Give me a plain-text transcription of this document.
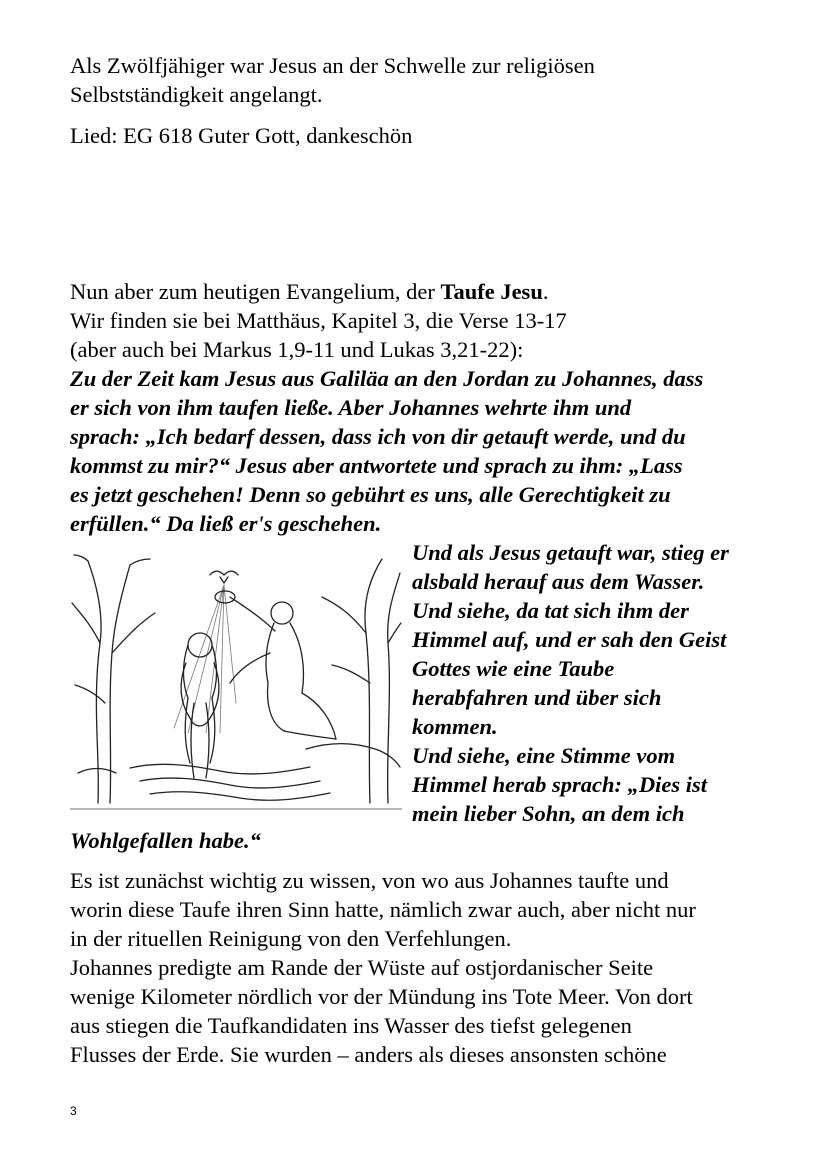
Als Zwölfjähiger war Jesus an der Schwelle zur religiösen
Selbstständigkeit angelangt.
Lied: EG 618 Guter Gott, dankeschön
Nun aber zum heutigen Evangelium, der Taufe Jesu.
Wir finden sie bei Matthäus, Kapitel 3, die Verse 13-17
(aber auch bei Markus 1,9-11 und Lukas 3,21-22):
Zu der Zeit kam Jesus aus Galiläa an den Jordan zu Johannes, dass
er sich von ihm taufen ließe. Aber Johannes wehrte ihm und
sprach: „Ich bedarf dessen, dass ich von dir getauft werde, und du
kommst zu mir?“ Jesus aber antwortete und sprach zu ihm: „Lass
es jetzt geschehen! Denn so gebührt es uns, alle Gerechtigkeit zu
erfüllen.“ Da ließ er's geschehen.
Und als Jesus getauft war, stieg er
alsbald herauf aus dem Wasser.
Und siehe, da tat sich ihm der
Himmel auf, und er sah den Geist
Gottes wie eine Taube
herabfahren und über sich
kommen.
Und siehe, eine Stimme vom
Himmel herab sprach: „Dies ist
mein lieber Sohn, an dem ich
Wohlgefallen habe.“
Es ist zunächst wichtig zu wissen, von wo aus Johannes taufte und
worin diese Taufe ihren Sinn hatte, nämlich zwar auch, aber nicht nur
in der rituellen Reinigung von den Verfehlungen.
Johannes predigte am Rande der Wüste auf ostjordanischer Seite
wenige Kilometer nördlich vor der Mündung ins Tote Meer. Von dort
aus stiegen die Taufkandidaten ins Wasser des tiefst gelegenen
Flusses der Erde. Sie wurden – anders als dieses ansonsten schöne
3
